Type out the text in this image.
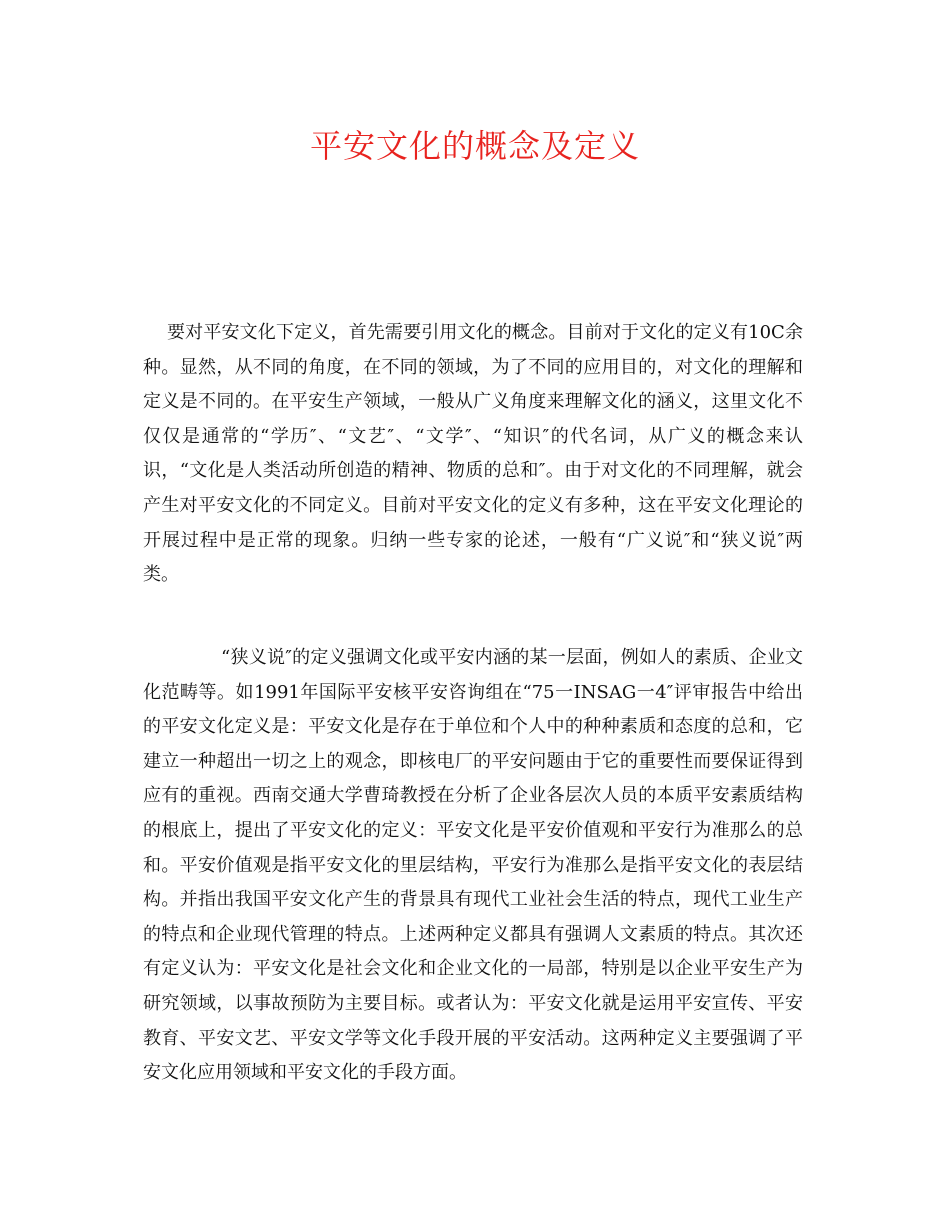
平安文化的概念及定义

要对平安文化下定义，首先需要引用文化的概念。目前对于文化的定义有10C余种。显然，从不同的角度，在不同的领域，为了不同的应用目的，对文化的理解和定义是不同的。在平安生产领域，一般从广义角度来理解文化的涵义，这里文化不仅仅是通常的“学历″、“文艺″、“文学″、“知识″的代名词，从广义的概念来认识，“文化是人类活动所创造的精神、物质的总和″。由于对文化的不同理解，就会产生对平安文化的不同定义。目前对平安文化的定义有多种，这在平安文化理论的开展过程中是正常的现象。归纳一些专家的论述，一般有“广义说″和“狭义说″两类。

“狭义说″的定义强调文化或平安内涵的某一层面，例如人的素质、企业文化范畴等。如1991年国际平安核平安咨询组在“75一INSAG一4″评审报告中给出的平安文化定义是：平安文化是存在于单位和个人中的种种素质和态度的总和，它建立一种超出一切之上的观念，即核电厂的平安问题由于它的重要性而要保证得到应有的重视。西南交通大学曹琦教授在分析了企业各层次人员的本质平安素质结构的根底上，提出了平安文化的定义：平安文化是平安价值观和平安行为准那么的总和。平安价值观是指平安文化的里层结构，平安行为准那么是指平安文化的表层结构。并指出我国平安文化产生的背景具有现代工业社会生活的特点，现代工业生产的特点和企业现代管理的特点。上述两种定义都具有强调人文素质的特点。其次还有定义认为：平安文化是社会文化和企业文化的一局部，特别是以企业平安生产为研究领域，以事故预防为主要目标。或者认为：平安文化就是运用平安宣传、平安教育、平安文艺、平安文学等文化手段开展的平安活动。这两种定义主要强调了平安文化应用领域和平安文化的手段方面。
